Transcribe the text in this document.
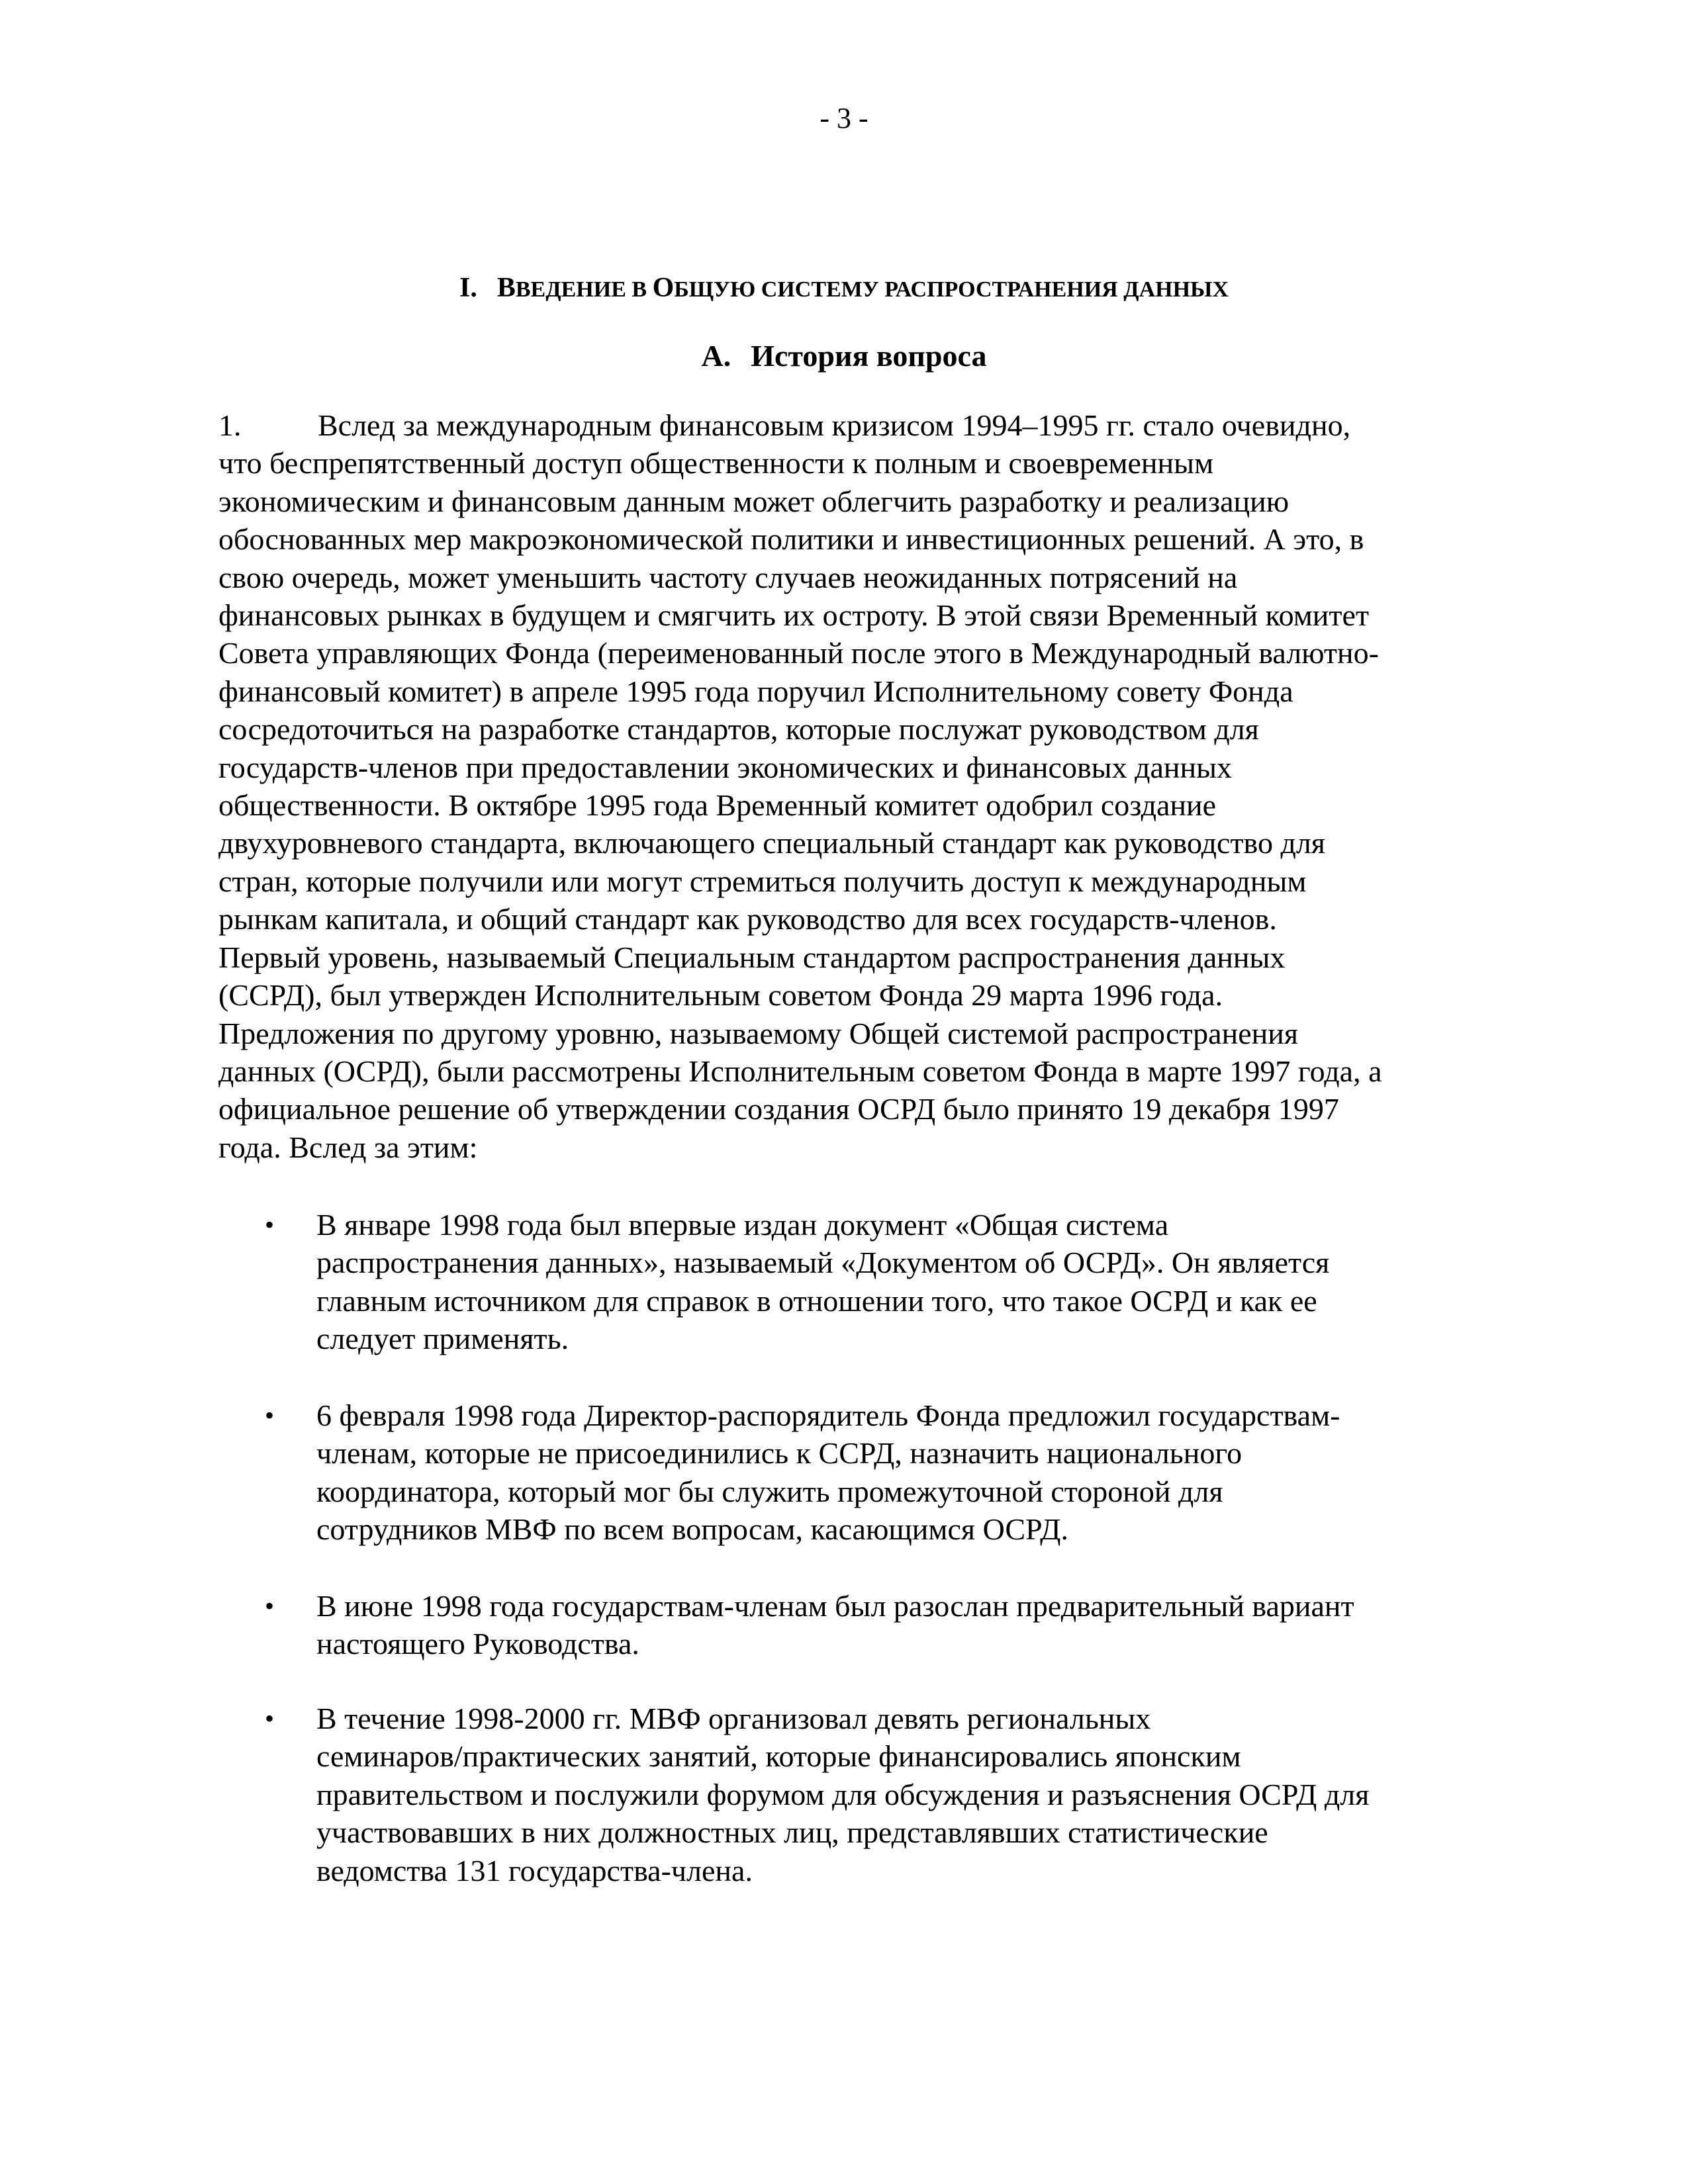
- 3 -
I. ВВЕДЕНИЕ В ОБЩУЮ СИСТЕМУ РАСПРОСТРАНЕНИЯ ДАННЫХ
A. История вопроса
1.	Вслед за международным финансовым кризисом 1994–1995 гг. стало очевидно,
что беспрепятственный доступ общественности к полным и своевременным
экономическим и финансовым данным может облегчить разработку и реализацию
обоснованных мер макроэкономической политики и инвестиционных решений. А это, в
свою очередь, может уменьшить частоту случаев неожиданных потрясений на
финансовых рынках в будущем и смягчить их остроту. В этой связи Временный комитет
Совета управляющих Фонда (переименованный после этого в Международный валютно-
финансовый комитет) в апреле 1995 года поручил Исполнительному совету Фонда
сосредоточиться на разработке стандартов, которые послужат руководством для
государств-членов при предоставлении экономических и финансовых данных
общественности. В октябре 1995 года Временный комитет одобрил создание
двухуровневого стандарта, включающего специальный стандарт как руководство для
стран, которые получили или могут стремиться получить доступ к международным
рынкам капитала, и общий стандарт как руководство для всех государств-членов.
Первый уровень, называемый Специальным стандартом распространения данных
(ССРД), был утвержден Исполнительным советом Фонда 29 марта 1996 года.
Предложения по другому уровню, называемому Общей системой распространения
данных (ОСРД), были рассмотрены Исполнительным советом Фонда в марте 1997 года, а
официальное решение об утверждении создания ОСРД было принято 19 декабря 1997
года. Вслед за этим:
•	В январе 1998 года был впервые издан документ «Общая система
распространения данных», называемый «Документом об ОСРД». Он является
главным источником для справок в отношении того, что такое ОСРД и как ее
следует применять.
•	6 февраля 1998 года Директор-распорядитель Фонда предложил государствам-
членам, которые не присоединились к ССРД, назначить национального
координатора, который мог бы служить промежуточной стороной для
сотрудников МВФ по всем вопросам, касающимся ОСРД.
•	В июне 1998 года государствам-членам был разослан предварительный вариант
настоящего Руководства.
•	В течение 1998-2000 гг. МВФ организовал девять региональных
семинаров/практических занятий, которые финансировались японским
правительством и послужили форумом для обсуждения и разъяснения ОСРД для
участвовавших в них должностных лиц, представлявших статистические
ведомства 131 государства-члена.
